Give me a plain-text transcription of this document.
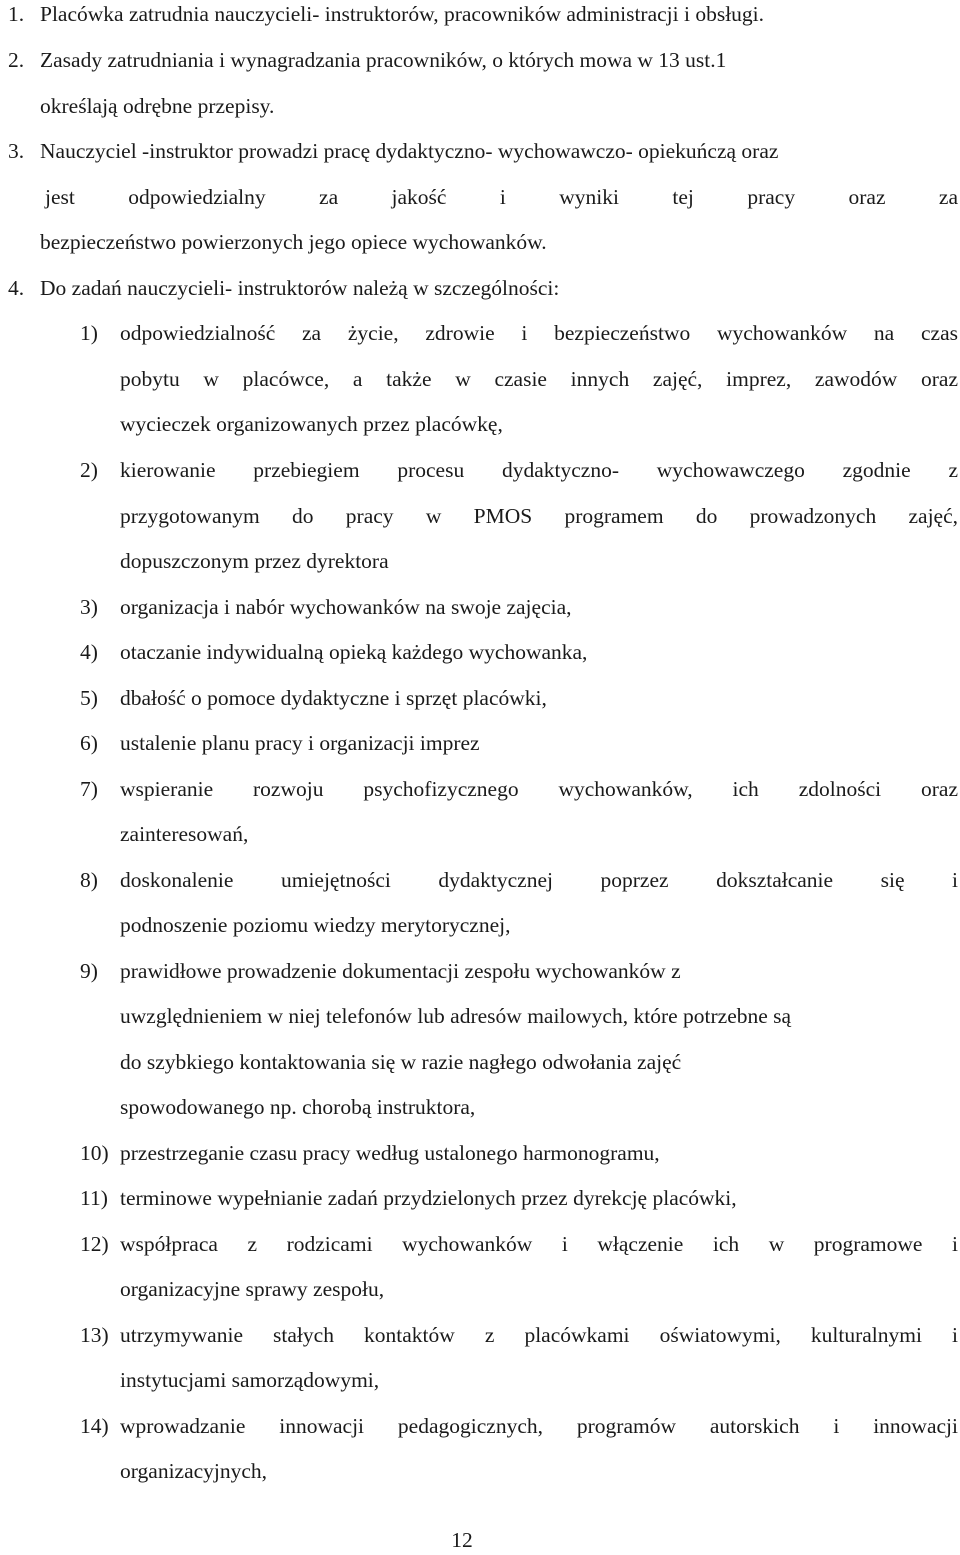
1. Placówka zatrudnia nauczycieli- instruktorów, pracowników administracji i obsługi.
2. Zasady zatrudniania i wynagradzania pracowników, o których mowa w 13 ust.1
określają odrębne przepisy.
3. Nauczyciel -instruktor prowadzi pracę dydaktyczno- wychowawczo- opiekuńczą oraz
jest odpowiedzialny za jakość i wyniki tej pracy oraz za
bezpieczeństwo powierzonych jego opiece wychowanków.
4. Do zadań nauczycieli- instruktorów należą w szczególności:
1) odpowiedzialność za życie, zdrowie i bezpieczeństwo wychowanków na czas
pobytu w placówce, a także w czasie innych zajęć, imprez, zawodów oraz
wycieczek organizowanych przez placówkę,
2) kierowanie przebiegiem procesu dydaktyczno- wychowawczego zgodnie z
przygotowanym do pracy w PMOS programem do prowadzonych zajęć,
dopuszczonym przez dyrektora
3) organizacja i nabór wychowanków na swoje zajęcia,
4) otaczanie indywidualną opieką każdego wychowanka,
5) dbałość o pomoce dydaktyczne i sprzęt placówki,
6) ustalenie planu pracy i organizacji imprez
7) wspieranie rozwoju psychofizycznego wychowanków, ich zdolności oraz
zainteresowań,
8) doskonalenie umiejętności dydaktycznej poprzez dokształcanie się i
podnoszenie poziomu wiedzy merytorycznej,
9) prawidłowe prowadzenie dokumentacji zespołu wychowanków z
uwzględnieniem w niej telefonów lub adresów mailowych, które potrzebne są
do szybkiego kontaktowania się w razie nagłego odwołania zajęć
spowodowanego np. chorobą instruktora,
10) przestrzeganie czasu pracy według ustalonego harmonogramu,
11) terminowe wypełnianie zadań przydzielonych przez dyrekcję placówki,
12) współpraca z rodzicami wychowanków i włączenie ich w programowe i
organizacyjne sprawy zespołu,
13) utrzymywanie stałych kontaktów z placówkami oświatowymi, kulturalnymi i
instytucjami samorządowymi,
14) wprowadzanie innowacji pedagogicznych, programów autorskich i innowacji
organizacyjnych,
12
